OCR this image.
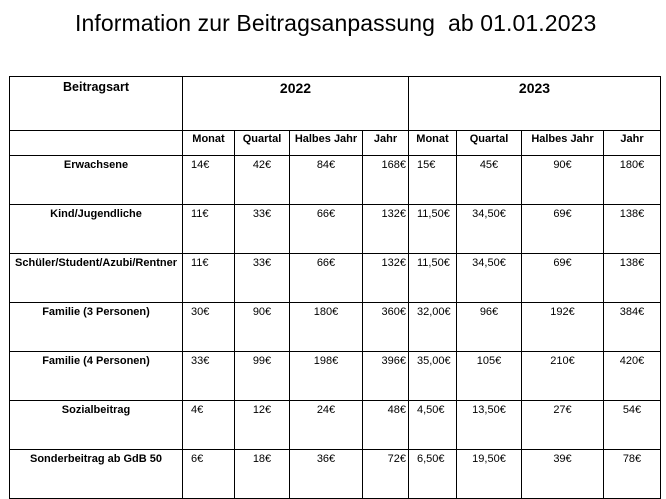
Information zur Beitragsanpassung  ab 01.01.2023
Beitragsart	2022				2023			
	Monat	Quartal	Halbes Jahr	Jahr	Monat	Quartal	Halbes Jahr	Jahr
Erwachsene	14€	42€	84€	168€	15€	45€	90€	180€
Kind/Jugendliche	11€	33€	66€	132€	11,50€	34,50€	69€	138€
Schüler/Student/Azubi/Rentner	11€	33€	66€	132€	11,50€	34,50€	69€	138€
Familie (3 Personen)	30€	90€	180€	360€	32,00€	96€	192€	384€
Familie (4 Personen)	33€	99€	198€	396€	35,00€	105€	210€	420€
Sozialbeitrag	4€	12€	24€	48€	4,50€	13,50€	27€	54€
Sonderbeitrag ab GdB 50	6€	18€	36€	72€	6,50€	19,50€	39€	78€
